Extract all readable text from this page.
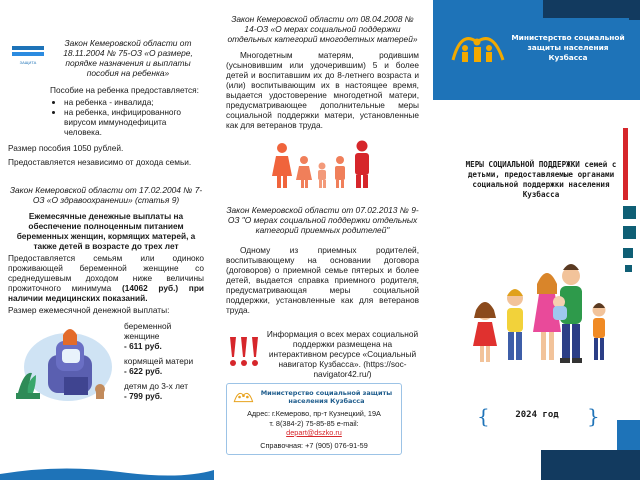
ЗАЩИТА
Закон Кемеровской области от 18.11.2004 № 75-ОЗ «О размере, порядке назначения и выплаты пособия на ребенка»
Пособие на ребенка предоставляется:
• на ребенка - инвалида;
• на ребенка, инфицированного вирусом иммунодефицита человека.
Размер пособия 1050 рублей.
Предоставляется независимо от дохода семьи.
Закон Кемеровской области от 17.02.2004 № 7-ОЗ «О здравоохранении» (статья 9)
Ежемесячные денежные выплаты на обеспечение полноценным питанием беременных женщин, кормящих матерей, а также детей в возрасте до трех лет
Предоставляется семьям или одиноко проживающей беременной женщине со среднедушевым доходом ниже величины прожиточного минимума (14062 руб.) при наличии медицинских показаний.
Размер ежемесячной денежной выплаты:
беременной женщине
- 611 руб.
кормящей матери
- 622 руб.
детям до 3-х лет
- 799 руб.
Закон Кемеровской области от 08.04.2008 № 14-ОЗ «О мерах социальной поддержки отдельных категорий многодетных матерей»
Многодетным матерям, родившим (усыновившим или удочерившим) 5 и более детей и воспитавшим их до 8-летнего возраста и (или) воспитывающим их в настоящее время, выдается удостоверение многодетной матери, предусматривающее дополнительные меры социальной поддержки матери, установленные как для ветеранов труда.
Закон Кемеровской области от 07.02.2013 № 9-ОЗ "О мерах социальной поддержки отдельных категорий приемных родителей"
Одному из приемных родителей, воспитывающему на основании договора (договоров) о приемной семье пятерых и более детей, выдается справка приемного родителя, предусматривающая меры социальной поддержки, установленные как для ветеранов труда.
Информация о всех мерах социальной поддержки размещена на интерактивном ресурсе «Социальный навигатор Кузбасса». (https://soc-navigator42.ru/)
Министерство социальной защиты населения Кузбасса
Адрес: г.Кемерово, пр-т Кузнецкий, 19А
т. 8(384-2) 75-85-85 e-mail:
depart@dszko.ru
Справочная: +7 (905) 076-91-59
Министерство социальной защиты населения Кузбасса
МЕРЫ СОЦИАЛЬНОЙ ПОДДЕРЖКИ семей с детьми, предоставляемые органами социальной поддержки населения Кузбасса
{	2024 год	}
